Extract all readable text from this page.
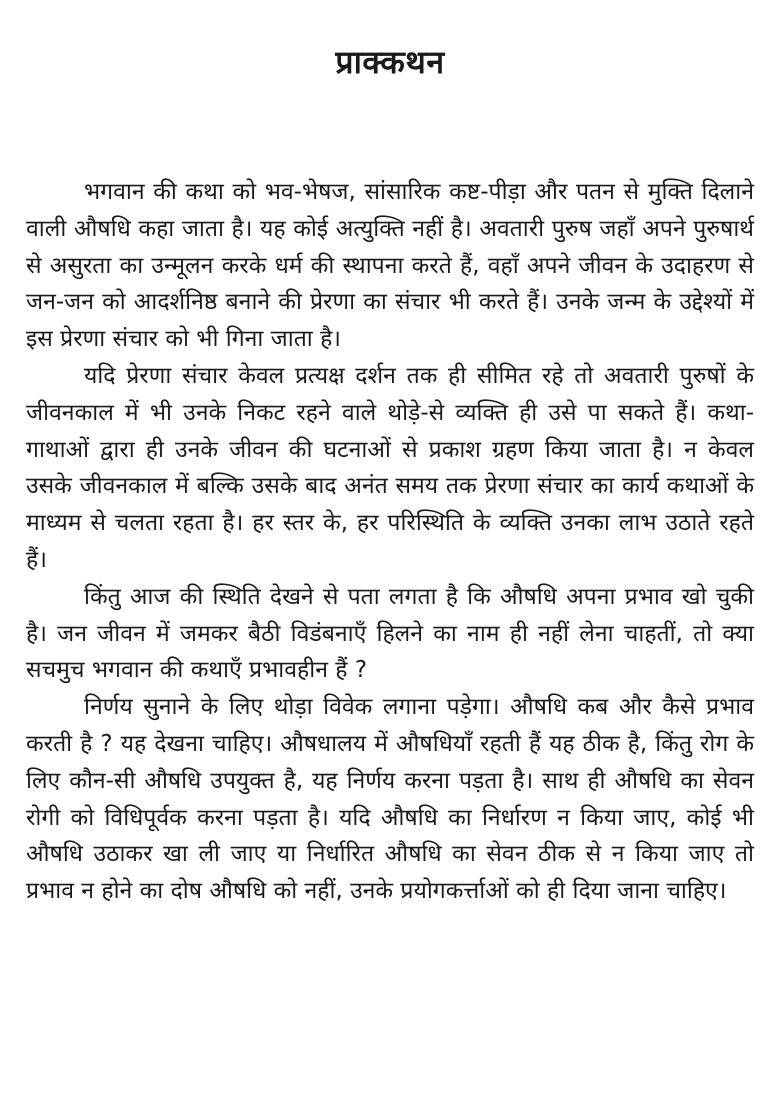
प्राक्कथन

भगवान की कथा को भव-भेषज, सांसारिक कष्ट-पीड़ा और पतन से मुक्ति दिलाने वाली औषधि कहा जाता है। यह कोई अत्युक्ति नहीं है। अवतारी पुरुष जहाँ अपने पुरुषार्थ से असुरता का उन्मूलन करके धर्म की स्थापना करते हैं, वहाँ अपने जीवन के उदाहरण से जन-जन को आदर्शनिष्ठ बनाने की प्रेरणा का संचार भी करते हैं। उनके जन्म के उद्देश्यों में इस प्रेरणा संचार को भी गिना जाता है।

यदि प्रेरणा संचार केवल प्रत्यक्ष दर्शन तक ही सीमित रहे तो अवतारी पुरुषों के जीवनकाल में भी उनके निकट रहने वाले थोड़े-से व्यक्ति ही उसे पा सकते हैं। कथा-गाथाओं द्वारा ही उनके जीवन की घटनाओं से प्रकाश ग्रहण किया जाता है। न केवल उसके जीवनकाल में बल्कि उसके बाद अनंत समय तक प्रेरणा संचार का कार्य कथाओं के माध्यम से चलता रहता है। हर स्तर के, हर परिस्थिति के व्यक्ति उनका लाभ उठाते रहते हैं।

किंतु आज की स्थिति देखने से पता लगता है कि औषधि अपना प्रभाव खो चुकी है। जन जीवन में जमकर बैठी विडंबनाएँ हिलने का नाम ही नहीं लेना चाहतीं, तो क्या सचमुच भगवान की कथाएँ प्रभावहीन हैं ?

निर्णय सुनाने के लिए थोड़ा विवेक लगाना पड़ेगा। औषधि कब और कैसे प्रभाव करती है ? यह देखना चाहिए। औषधालय में औषधियाँ रहती हैं यह ठीक है, किंतु रोग के लिए कौन-सी औषधि उपयुक्त है, यह निर्णय करना पड़ता है। साथ ही औषधि का सेवन रोगी को विधिपूर्वक करना पड़ता है। यदि औषधि का निर्धारण न किया जाए, कोई भी औषधि उठाकर खा ली जाए या निर्धारित औषधि का सेवन ठीक से न किया जाए तो प्रभाव न होने का दोष औषधि को नहीं, उनके प्रयोगकर्त्ताओं को ही दिया जाना चाहिए।
